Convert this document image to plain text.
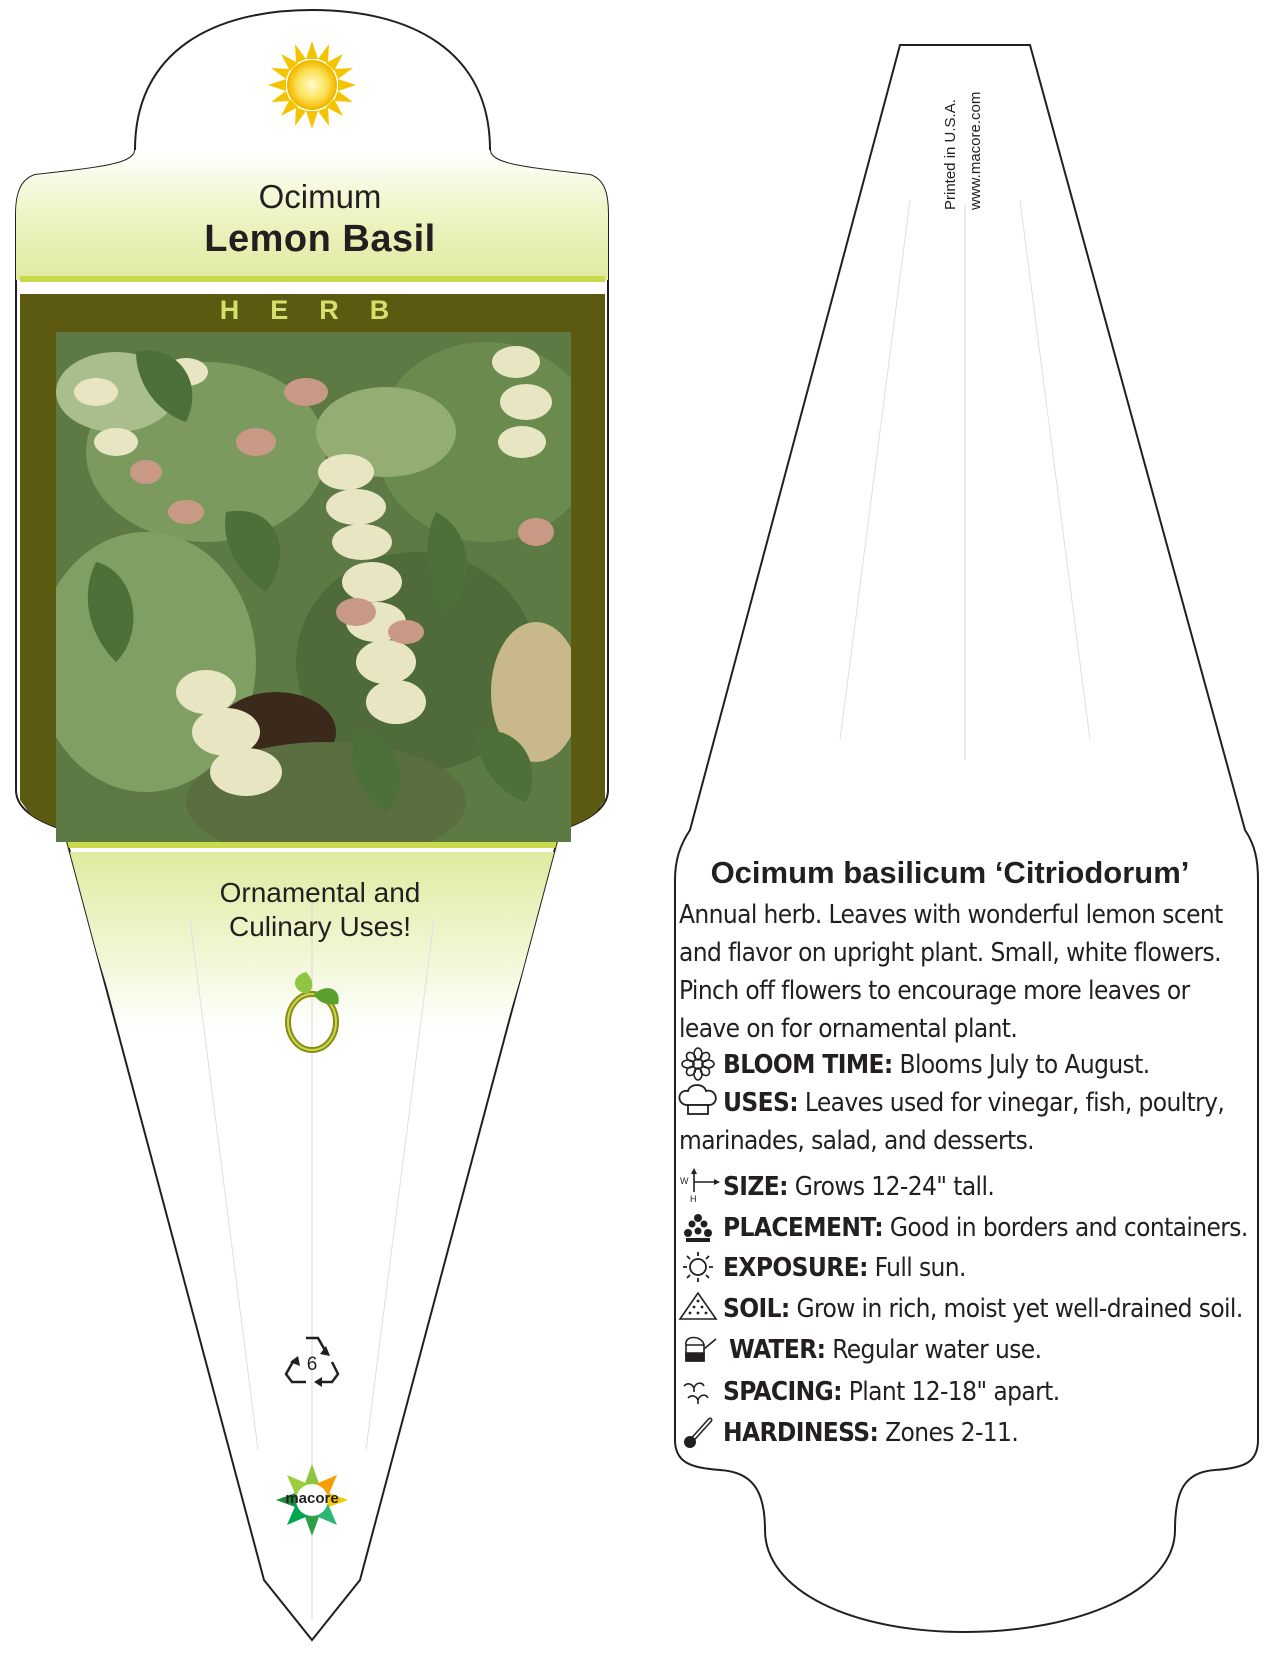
W
H
Ocimum
Lemon Basil
HERB
Ornamental and
Culinary Uses!
6
macore
Printed in U.S.A. www.macore.com
Ocimum basilicum ‘Citriodorum’
Annual herb. Leaves with wonderful lemon scent and flavor on upright plant. Small, white flowers. Pinch off flowers to encourage more leaves or leave on for ornamental plant.
BLOOM TIME: Blooms July to August.
USES: Leaves used for vinegar, fish, poultry, marinades, salad, and desserts.
SIZE: Grows 12-24" tall.
PLACEMENT: Good in borders and containers.
EXPOSURE: Full sun.
SOIL: Grow in rich, moist yet well-drained soil.
WATER: Regular water use.
SPACING: Plant 12-18" apart.
HARDINESS: Zones 2-11.
